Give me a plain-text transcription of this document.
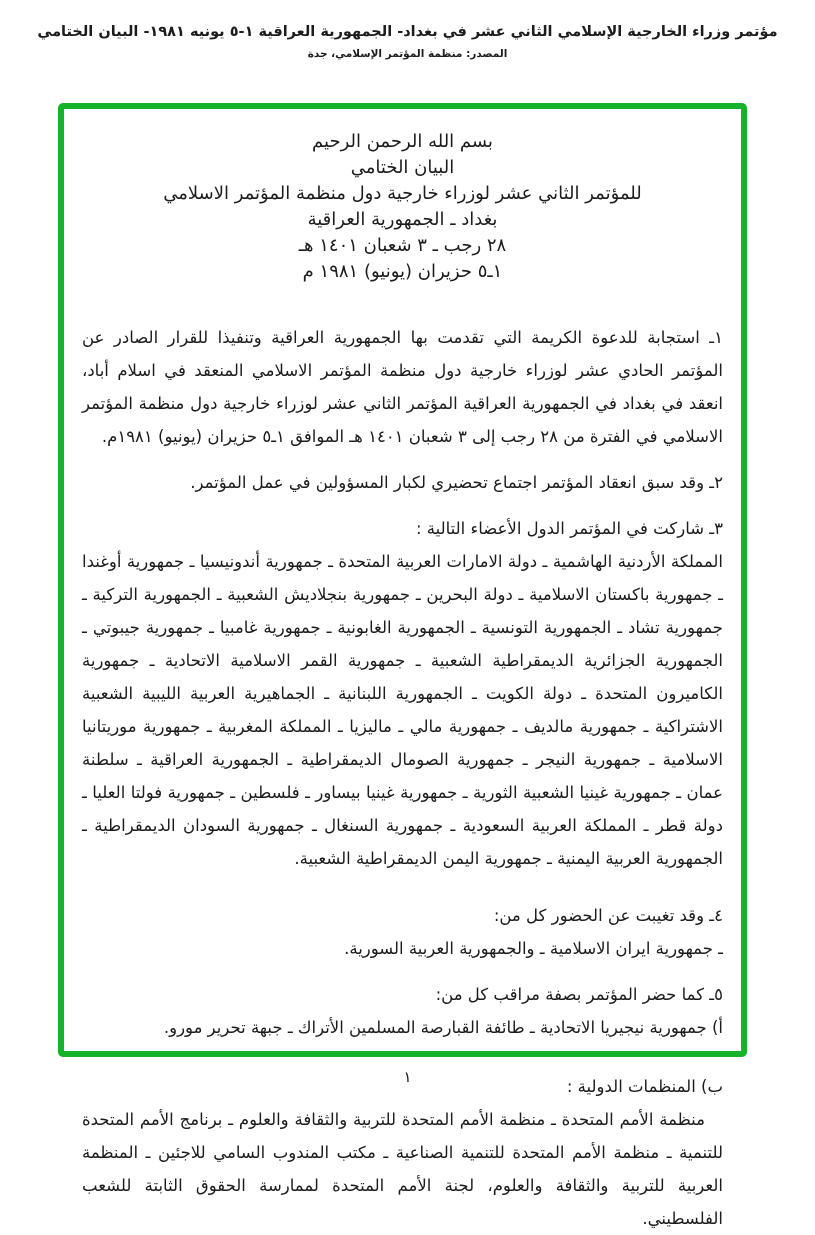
مؤتمر وزراء الخارجية الإسلامي الثاني عشر في بغداد- الجمهورية العراقية ١-٥ يونيه ١٩٨١- البيان الختامي
المصدر: منظمة المؤتمر الإسلامي، جدة
بسم الله الرحمن الرحيم
البيان الختامي
للمؤتمر الثاني عشر لوزراء خارجية دول منظمة المؤتمر الاسلامي
بغداد ـ الجمهورية العراقية
٢٨ رجب ـ ٣ شعبان ١٤٠١ هـ
١ـ٥ حزيران (يونيو) ١٩٨١ م

١ـ استجابة للدعوة الكريمة التي تقدمت بها الجمهورية العراقية وتنفيذا للقرار الصادر عن المؤتمر الحادي عشر لوزراء خارجية دول منظمة المؤتمر الاسلامي المنعقد في اسلام أباد، انعقد في بغداد في الجمهورية العراقية المؤتمر الثاني عشر لوزراء خارجية دول منظمة المؤتمر الاسلامي في الفترة من ٢٨ رجب إلى ٣ شعبان ١٤٠١ هـ الموافق ١ـ٥ حزيران (يونيو) ١٩٨١م.

٢ـ وقد سبق انعقاد المؤتمر اجتماع تحضيري لكبار المسؤولين في عمل المؤتمر.

٣ـ شاركت في المؤتمر الدول الأعضاء التالية :

المملكة الأردنية الهاشمية ـ دولة الامارات العربية المتحدة ـ جمهورية أندونيسيا ـ جمهورية أوغندا ـ جمهورية باكستان الاسلامية ـ دولة البحرين ـ جمهورية بنجلاديش الشعبية ـ الجمهورية التركية ـ جمهورية تشاد ـ الجمهورية التونسية ـ الجمهورية الغابونية ـ جمهورية غامبيا ـ جمهورية جيبوتي ـ الجمهورية الجزائرية الديمقراطية الشعبية ـ جمهورية القمر الاسلامية الاتحادية ـ جمهورية الكاميرون المتحدة ـ دولة الكويت ـ الجمهورية اللبنانية ـ الجماهيرية العربية الليبية الشعبية الاشتراكية ـ جمهورية مالديف ـ جمهورية مالي ـ ماليزيا ـ المملكة المغربية ـ جمهورية موريتانيا الاسلامية ـ جمهورية النيجر ـ جمهورية الصومال الديمقراطية ـ الجمهورية العراقية ـ سلطنة عمان ـ جمهورية غينيا الشعبية الثورية ـ جمهورية غينيا بيساور ـ فلسطين ـ جمهورية فولتا العليا ـ دولة قطر ـ المملكة العربية السعودية ـ جمهورية السنغال ـ جمهورية السودان الديمقراطية ـ الجمهورية العربية اليمنية ـ جمهورية اليمن الديمقراطية الشعبية.

٤ـ وقد تغيبت عن الحضور كل من:

ـ جمهورية ايران الاسلامية ـ والجمهورية العربية السورية.

٥ـ كما حضر المؤتمر بصفة مراقب كل من:

أ) جمهورية نيجيريا الاتحادية ـ طائفة القبارصة المسلمين الأتراك ـ جبهة تحرير مورو.

ب) المنظمات الدولية :

منظمة الأمم المتحدة ـ منظمة الأمم المتحدة للتربية والثقافة والعلوم ـ برنامج الأمم المتحدة للتنمية ـ منظمة الأمم المتحدة للتنمية الصناعية ـ مكتب المندوب السامي للاجئين ـ المنظمة العربية للتربية والثقافة والعلوم، لجنة الأمم المتحدة لممارسة الحقوق الثابتة للشعب الفلسطيني.

١
